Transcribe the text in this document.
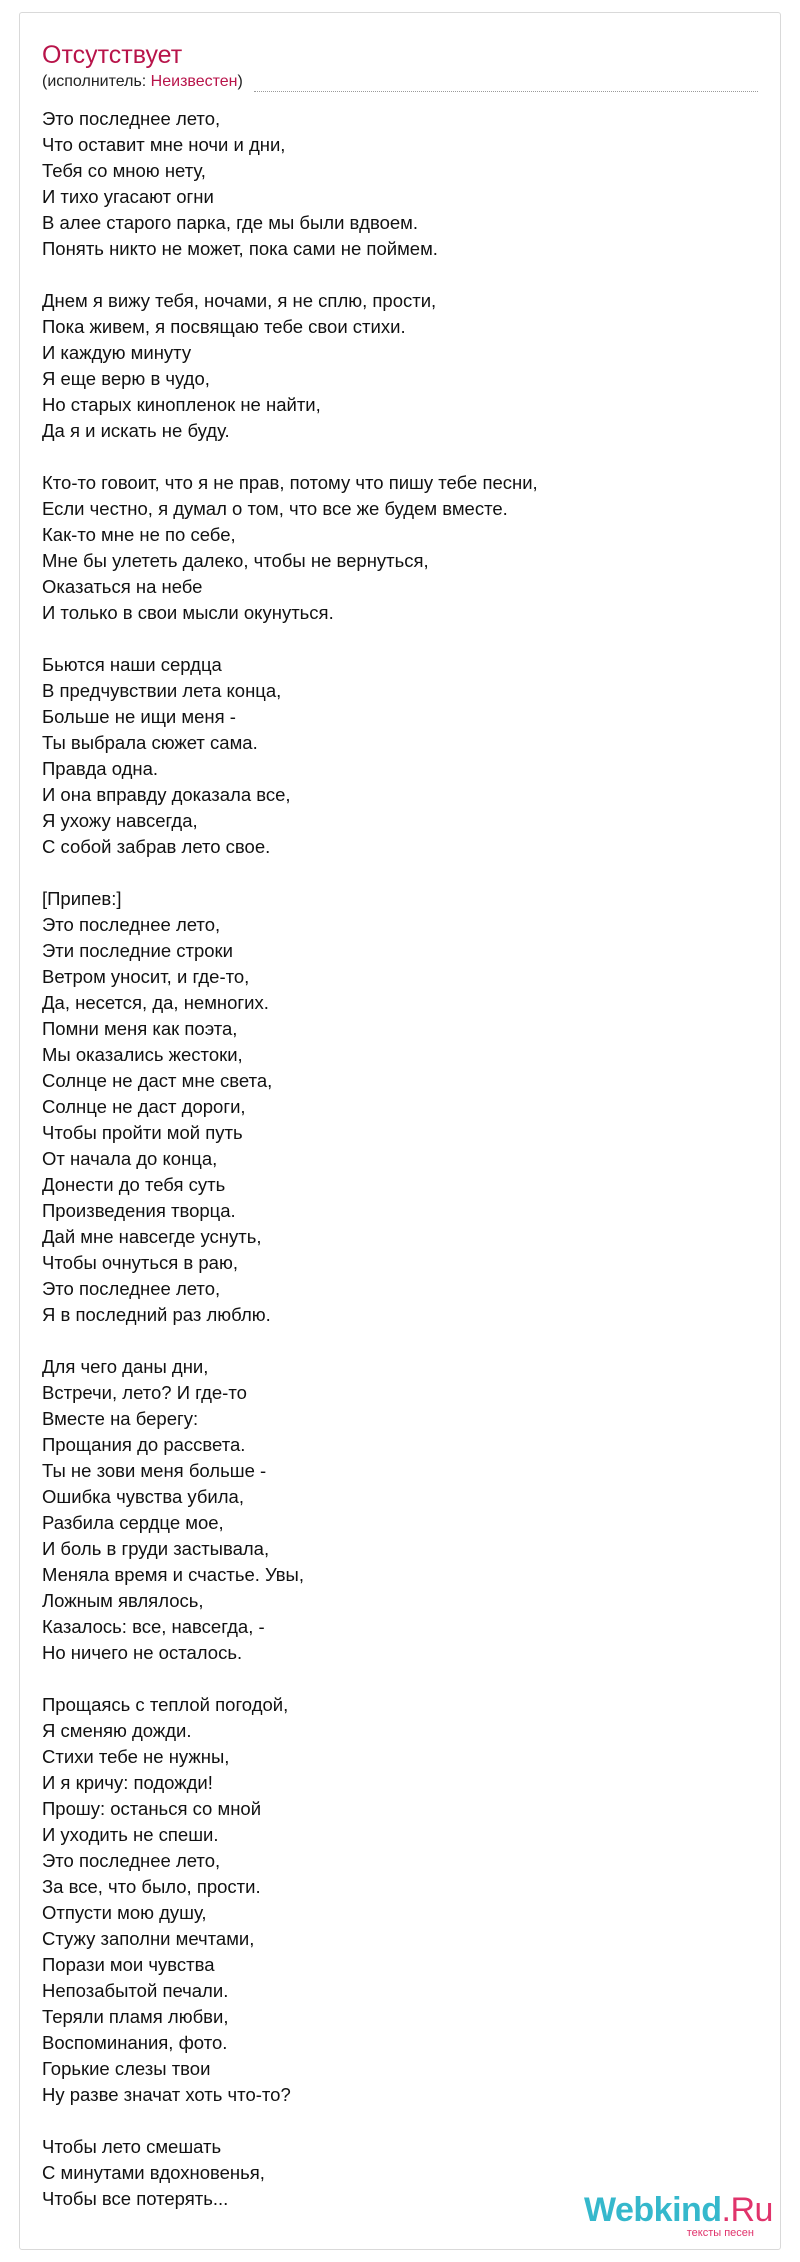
Отсутствует
(исполнитель: Неизвестен)
Это последнее лето,
Что оставит мне ночи и дни,
Тебя со мною нету,
И тихо угасают огни
В алее старого парка, где мы были вдвоем.
Понять никто не может, пока сами не поймем.
Днем я вижу тебя, ночами, я не сплю, прости,
Пока живем, я посвящаю тебе свои стихи.
И каждую минуту
Я еще верю в чудо,
Но старых кинопленок не найти,
Да я и искать не буду.
Кто-то говоит, что я не прав, потому что пишу тебе песни,
Если честно, я думал о том, что все же будем вместе.
Как-то мне не по себе,
Мне бы улететь далеко, чтобы не вернуться,
Оказаться на небе
И только в свои мысли окунуться.
Бьются наши сердца
В предчувствии лета конца,
Больше не ищи меня -
Ты выбрала сюжет сама.
Правда одна.
И она вправду доказала все,
Я ухожу навсегда,
С собой забрав лето свое.
[Припев:]
Это последнее лето,
Эти последние строки
Ветром уносит, и где-то,
Да, несется, да, немногих.
Помни меня как поэта,
Мы оказались жестоки,
Солнце не даст мне света,
Солнце не даст дороги,
Чтобы пройти мой путь
От начала до конца,
Донести до тебя суть
Произведения творца.
Дай мне навсегде уснуть,
Чтобы очнуться в раю,
Это последнее лето,
Я в последний раз люблю.
Для чего даны дни,
Встречи, лето? И где-то
Вместе на берегу:
Прощания до рассвета.
Ты не зови меня больше -
Ошибка чувства убила,
Разбила сердце мое,
И боль в груди застывала,
Меняла время и счастье. Увы,
Ложным являлось,
Казалось: все, навсегда, -
Но ничего не осталось.
Прощаясь с теплой погодой,
Я сменяю дожди.
Стихи тебе не нужны,
И я кричу: подожди!
Прошу: останься со мной
И уходить не спеши.
Это последнее лето,
За все, что было, прости.
Отпусти мою душу,
Стужу заполни мечтами,
Порази мои чувства
Непозабытой печали.
Теряли пламя любви,
Воспоминания, фото.
Горькие слезы твои
Ну разве значат хоть что-то?
Чтобы лето смешать
С минутами вдохновенья,
Чтобы все потерять...	Webkind.Ru
тексты песен
